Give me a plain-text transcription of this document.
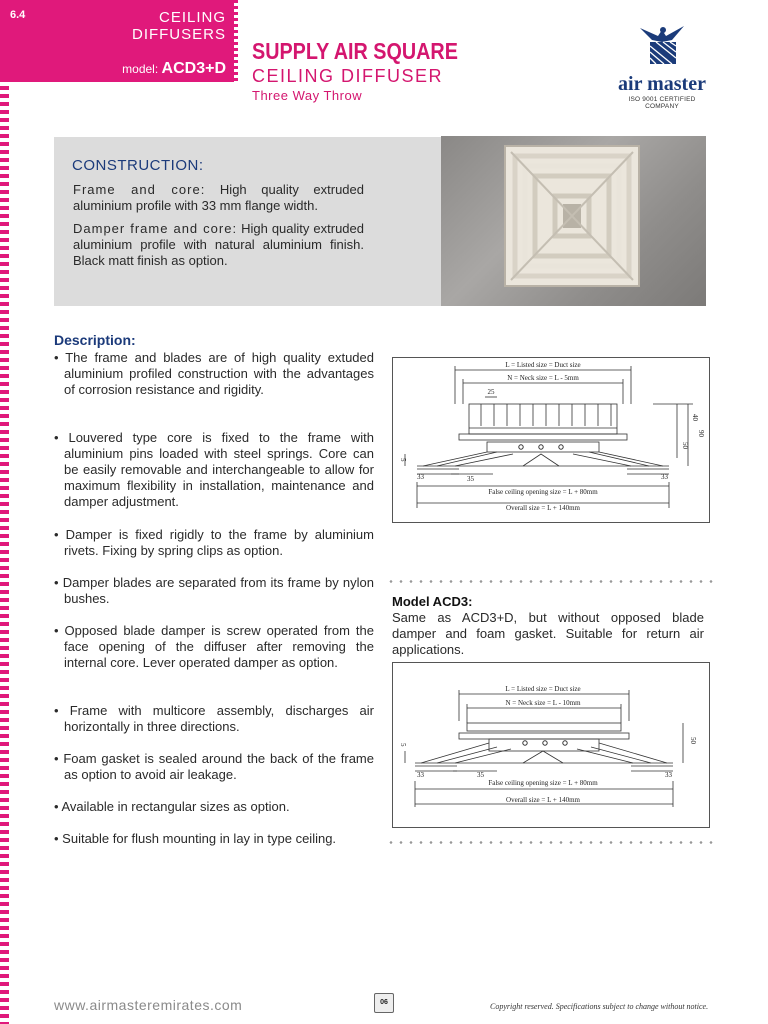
6.4	CEILING
DIFFUSERS
model: ACD3+D
SUPPLY AIR SQUARE
CEILING DIFFUSER
Three Way Throw
air master
ISO 9001 CERTIFIED COMPANY
CONSTRUCTION:
Frame and core: High quality extruded aluminium profile with 33 mm flange width.
Damper frame and core: High quality extruded aluminium profile with natural aluminium finish. Black matt finish as option.
Description:
• The frame and blades are of high quality extuded aluminium profiled construction with the advantages of corrosion resistance and rigidity.
• Louvered type core is fixed to the frame with aluminium pins loaded with steel springs. Core can be easily removable and interchangeable to allow for maximum flexibility in installation, maintenance and damper adjustment.
• Damper is fixed rigidly to the frame by aluminium rivets. Fixing by spring clips as option.
• Damper blades are separated from its frame by nylon bushes.
• Opposed blade damper is screw operated from the face opening of the diffuser after removing the internal core. Lever operated damper as option.
• Frame with multicore assembly, discharges air horizontally in three directions.
• Foam gasket is sealed around the back of the frame as option to avoid air leakage.
• Available in rectangular sizes as option.
• Suitable for flush mounting in lay in type ceiling.
L = Listed size = Duct size
N = Neck size = L - 5mm
25
40
90
50
5
33	35	33
False ceiling opening size = L + 80mm
Overall size = L + 140mm
Model ACD3:
Same as ACD3+D, but without opposed blade damper and foam gasket. Suitable for return air applications.
L = Listed size = Duct size
N = Neck size = L - 10mm
5
50
33	35	33
False ceiling opening size = L + 80mm
Overall size = L + 140mm
www.airmasteremirates.com	06	Copyright reserved. Specifications subject to change without notice.
